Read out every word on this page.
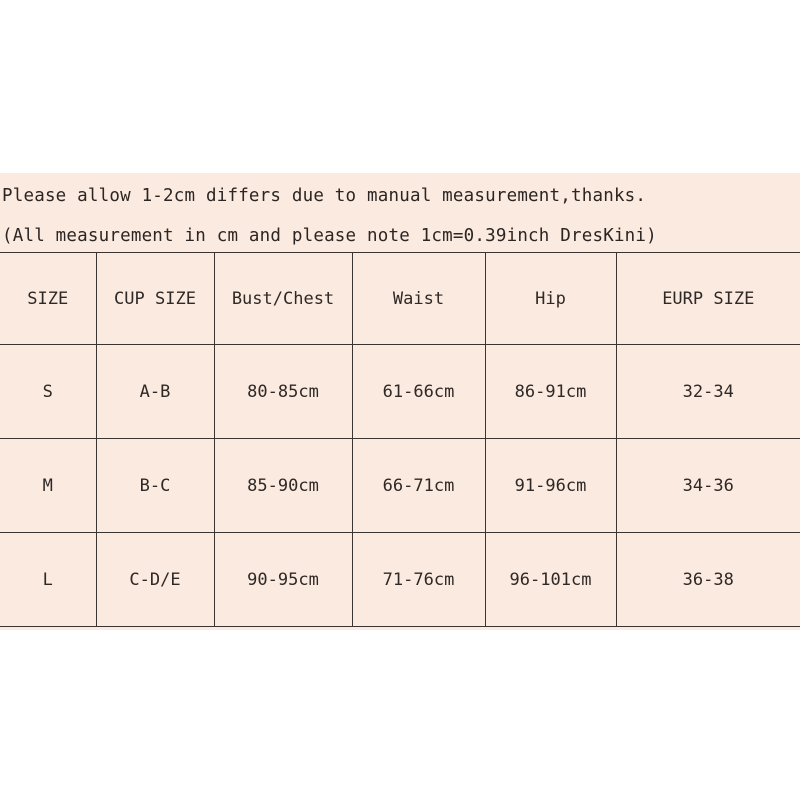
Please allow 1-2cm differs due to manual measurement,thanks.
(All measurement in cm and please note 1cm=0.39inch DresKini)
SIZE	CUP SIZE	Bust/Chest	Waist	Hip	EURP SIZE
S	A-B	80-85cm	61-66cm	86-91cm	32-34
M	B-C	85-90cm	66-71cm	91-96cm	34-36
L	C-D/E	90-95cm	71-76cm	96-101cm	36-38
